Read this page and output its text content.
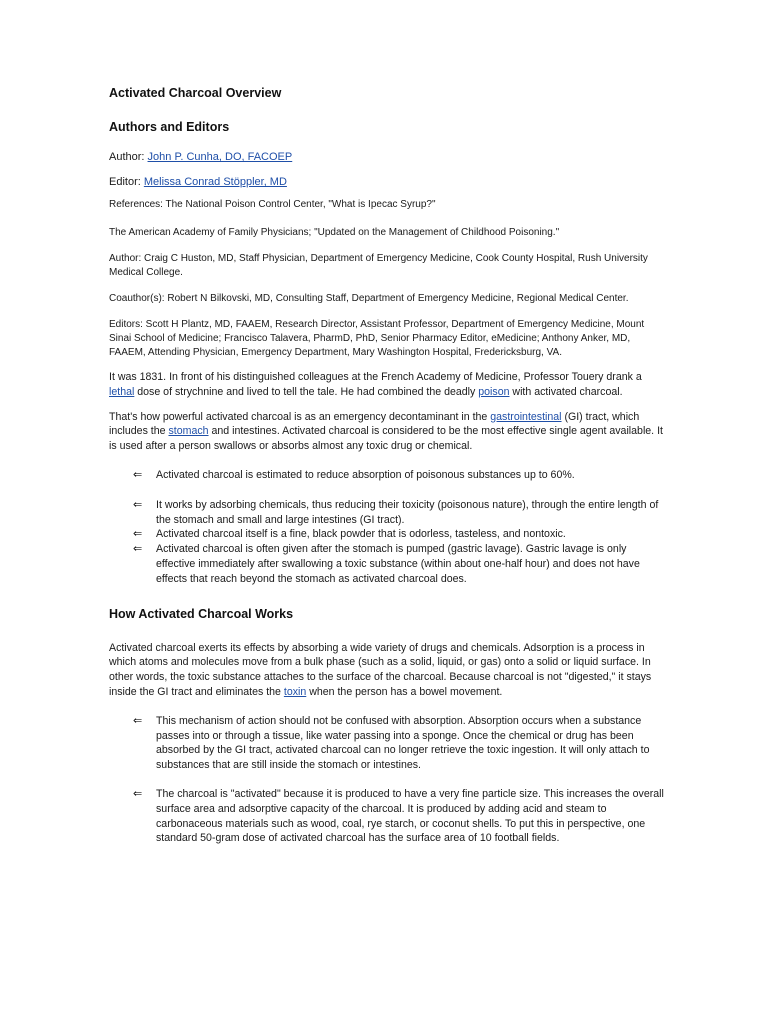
Activated Charcoal Overview
Authors and Editors

Author: John P. Cunha, DO, FACOEP

Editor: Melissa Conrad Stöppler, MD

References: The National Poison Control Center, "What is Ipecac Syrup?"

The American Academy of Family Physicians; "Updated on the Management of Childhood Poisoning."

Author: Craig C Huston, MD, Staff Physician, Department of Emergency Medicine, Cook County Hospital, Rush University Medical College.

Coauthor(s): Robert N Bilkovski, MD, Consulting Staff, Department of Emergency Medicine, Regional Medical Center.

Editors: Scott H Plantz, MD, FAAEM, Research Director, Assistant Professor, Department of Emergency Medicine, Mount Sinai School of Medicine; Francisco Talavera, PharmD, PhD, Senior Pharmacy Editor, eMedicine; Anthony Anker, MD, FAAEM, Attending Physician, Emergency Department, Mary Washington Hospital, Fredericksburg, VA.

It was 1831. In front of his distinguished colleagues at the French Academy of Medicine, Professor Touery drank a lethal dose of strychnine and lived to tell the tale. He had combined the deadly poison with activated charcoal.

That's how powerful activated charcoal is as an emergency decontaminant in the gastrointestinal (GI) tract, which includes the stomach and intestines. Activated charcoal is considered to be the most effective single agent available. It is used after a person swallows or absorbs almost any toxic drug or chemical.

⇐ Activated charcoal is estimated to reduce absorption of poisonous substances up to 60%.
⇐ It works by adsorbing chemicals, thus reducing their toxicity (poisonous nature), through the entire length of the stomach and small and large intestines (GI tract).
⇐ Activated charcoal itself is a fine, black powder that is odorless, tasteless, and nontoxic.
⇐ Activated charcoal is often given after the stomach is pumped (gastric lavage). Gastric lavage is only effective immediately after swallowing a toxic substance (within about one-half hour) and does not have effects that reach beyond the stomach as activated charcoal does.
How Activated Charcoal Works

Activated charcoal exerts its effects by absorbing a wide variety of drugs and chemicals. Adsorption is a process in which atoms and molecules move from a bulk phase (such as a solid, liquid, or gas) onto a solid or liquid surface. In other words, the toxic substance attaches to the surface of the charcoal. Because charcoal is not "digested," it stays inside the GI tract and eliminates the toxin when the person has a bowel movement.

⇐ This mechanism of action should not be confused with absorption. Absorption occurs when a substance passes into or through a tissue, like water passing into a sponge. Once the chemical or drug has been absorbed by the GI tract, activated charcoal can no longer retrieve the toxic ingestion. It will only attach to substances that are still inside the stomach or intestines.
⇐ The charcoal is "activated" because it is produced to have a very fine particle size. This increases the overall surface area and adsorptive capacity of the charcoal. It is produced by adding acid and steam to carbonaceous materials such as wood, coal, rye starch, or coconut shells. To put this in perspective, one standard 50-gram dose of activated charcoal has the surface area of 10 football fields.
